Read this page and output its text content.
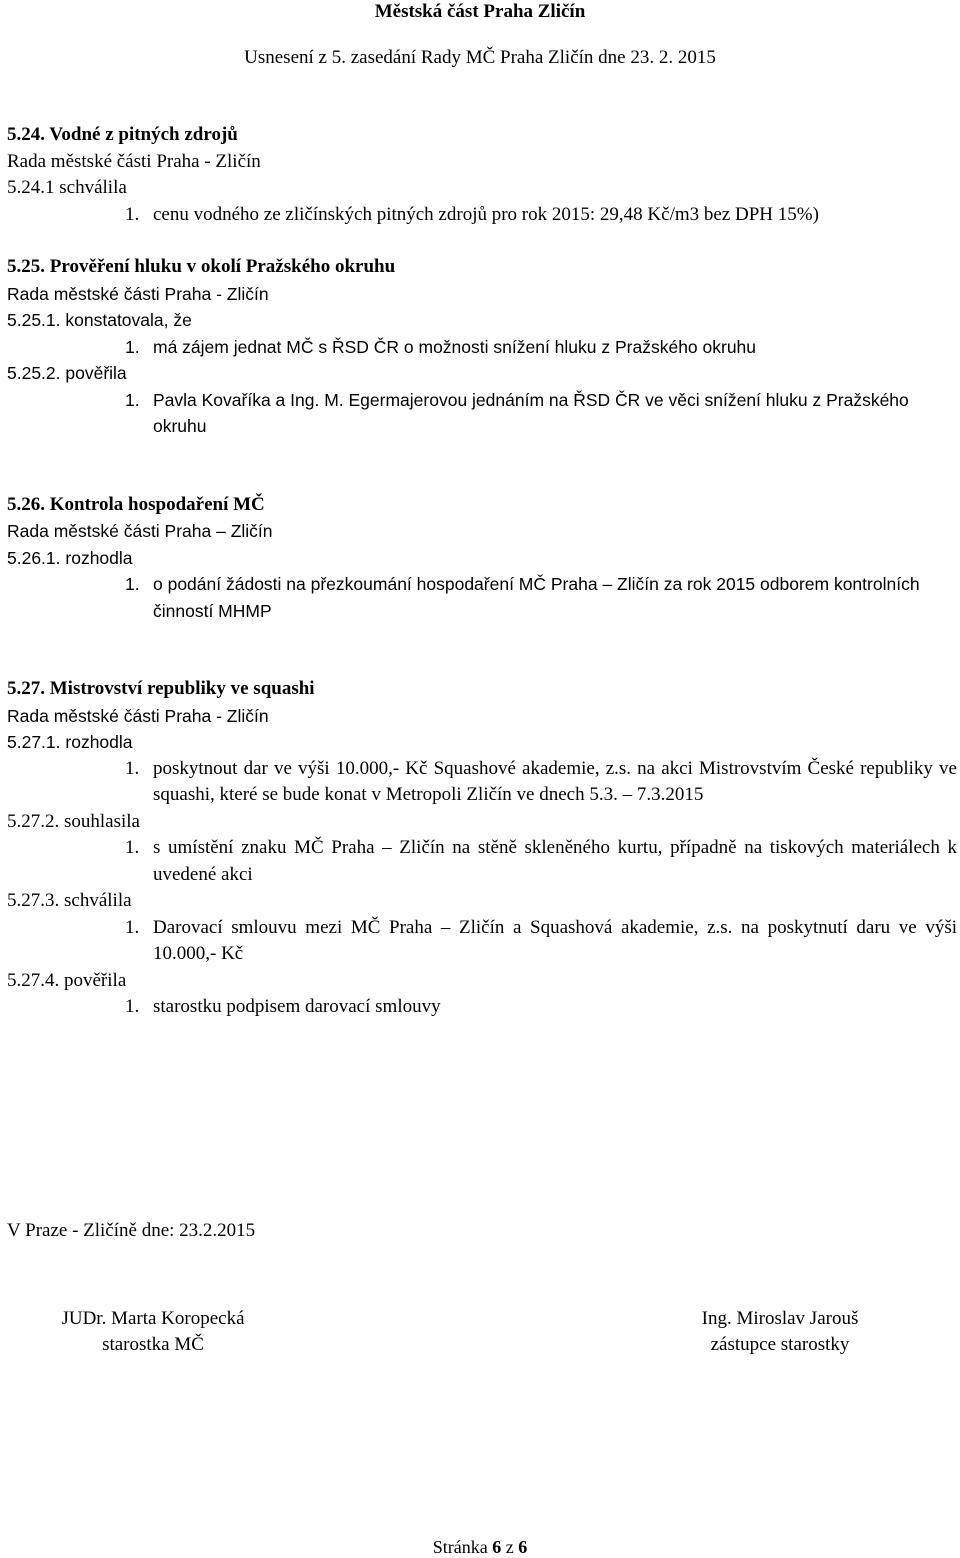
Městská část Praha Zličín
Usnesení z 5. zasedání Rady MČ Praha Zličín dne 23. 2. 2015
5.24. Vodné z pitných zdrojů
Rada městské části Praha - Zličín
5.24.1 schválila
1. cenu vodného ze zličínských pitných zdrojů pro rok 2015: 29,48 Kč/m3 bez DPH 15%)
5.25. Prověření hluku v okolí Pražského okruhu
Rada městské části Praha - Zličín
5.25.1. konstatovala, že
1. má zájem jednat MČ s ŘSD ČR o možnosti snížení hluku z Pražského okruhu
5.25.2. pověřila
1. Pavla Kovaříka a Ing. M. Egermajerovou jednáním na ŘSD ČR ve věci snížení hluku z Pražského okruhu
5.26. Kontrola hospodaření MČ
Rada městské části Praha – Zličín
5.26.1. rozhodla
1. o podání žádosti na přezkoumání hospodaření MČ Praha – Zličín za rok 2015 odborem kontrolních činností MHMP
5.27. Mistrovství republiky ve squashi
Rada městské části Praha - Zličín
5.27.1. rozhodla
1. poskytnout dar ve výši 10.000,- Kč Squashové akademie, z.s. na akci Mistrovstvím České republiky ve squashi, které se bude konat v Metropoli Zličín ve dnech 5.3. – 7.3.2015
5.27.2. souhlasila
1. s umístění znaku MČ Praha – Zličín na stěně skleněného kurtu, případně na tiskových materiálech k uvedené akci
5.27.3. schválila
1. Darovací smlouvu mezi MČ Praha – Zličín a Squashová akademie, z.s. na poskytnutí daru ve výši 10.000,- Kč
5.27.4. pověřila
1. starostku podpisem darovací smlouvy
V Praze - Zličíně dne: 23.2.2015
JUDr. Marta Koropecká
starostka MČ
Ing. Miroslav Jarouš
zástupce starostky
Stránka 6 z 6
